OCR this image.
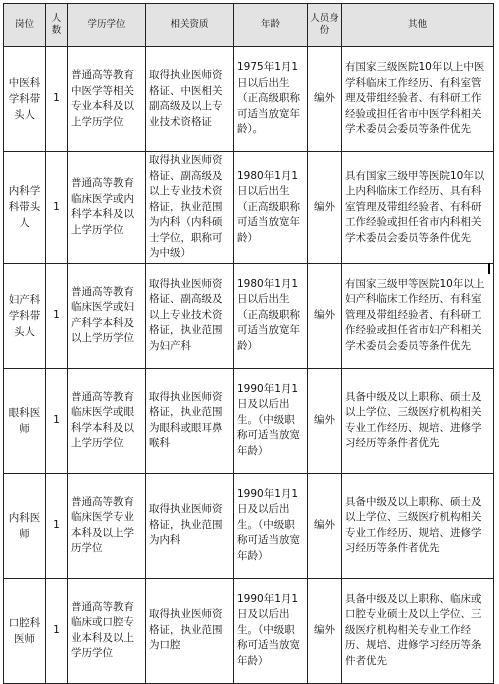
岗位	人数	学历学位	相关资质	年龄	人员身份	其他
中医科学科带头人	1	普通高等教育中医学等相关专业本科及以上学历学位	取得执业医师资格证、中医相关副高级及以上专业技术资格证	1975年1月1日以后出生（正高级职称可适当放宽年龄）。	编外	有国家三级医院10年以上中医学科临床工作经历、有科室管理及带组经验者、有科研工作经验或担任省市中医学科相关学术委员会委员等条件优先
内科学科带头人	1	普通高等教育临床医学或内科学本科及以上学历学位	取得执业医师资格证、副高级及以上专业技术资格证，执业范围为内科（内科硕士学位，职称可为中级）	1980年1月1日以后出生（正高级职称可适当放宽年龄）	编外	具有国家三级甲等医院10年以上内科临床工作经历、具有科室管理及带组经验者、有科研工作经验或担任省市内科相关学术委员会委员等条件优先
妇产科学科带头人	1	普通高等教育临床医学或妇产科学本科及以上学历学位	取得执业医师资格证、副高级及以上专业技术资格证，执业范围为妇产科	1980年1月1日以后出生（正高级职称可适当放宽年龄）	编外	有国家三级甲等医院10年以上妇产科临床工作经历、有科室管理及带组经验者、有科研工作经验或担任省市妇产科相关学术委员会委员等条件优先
眼科医师	1	普通高等教育临床医学或眼科学本科及以上学历学位	取得执业医师资格证，执业范围为眼科或眼耳鼻喉科	1990年1月1日及以后出生。（中级职称可适当放宽年龄）	编外	具备中级及以上职称、硕士及以上学位、三级医疗机构相关专业工作经历、规培、进修学习经历等条件者优先
内科医师	1	普通高等教育临床医学专业本科及以上学历学位	取得执业医师资格证，执业范围为内科	1990年1月1日及以后出生。（中级职称可适当放宽年龄）	编外	具备中级及以上职称、硕士及以上学位、三级医疗机构相关专业工作经历、规培、进修学习经历等条件者优先
口腔科医师	1	普通高等教育临床或口腔专业本科及以上学历学位	取得执业医师资格证，执业范围为口腔	1990年1月1日及以后出生。（中级职称可适当放宽年龄）	编外	具备中级及以上职称、临床或口腔专业硕士及以上学位、三级医疗机构相关专业工作经历、规培、进修学习经历等条件者优先
